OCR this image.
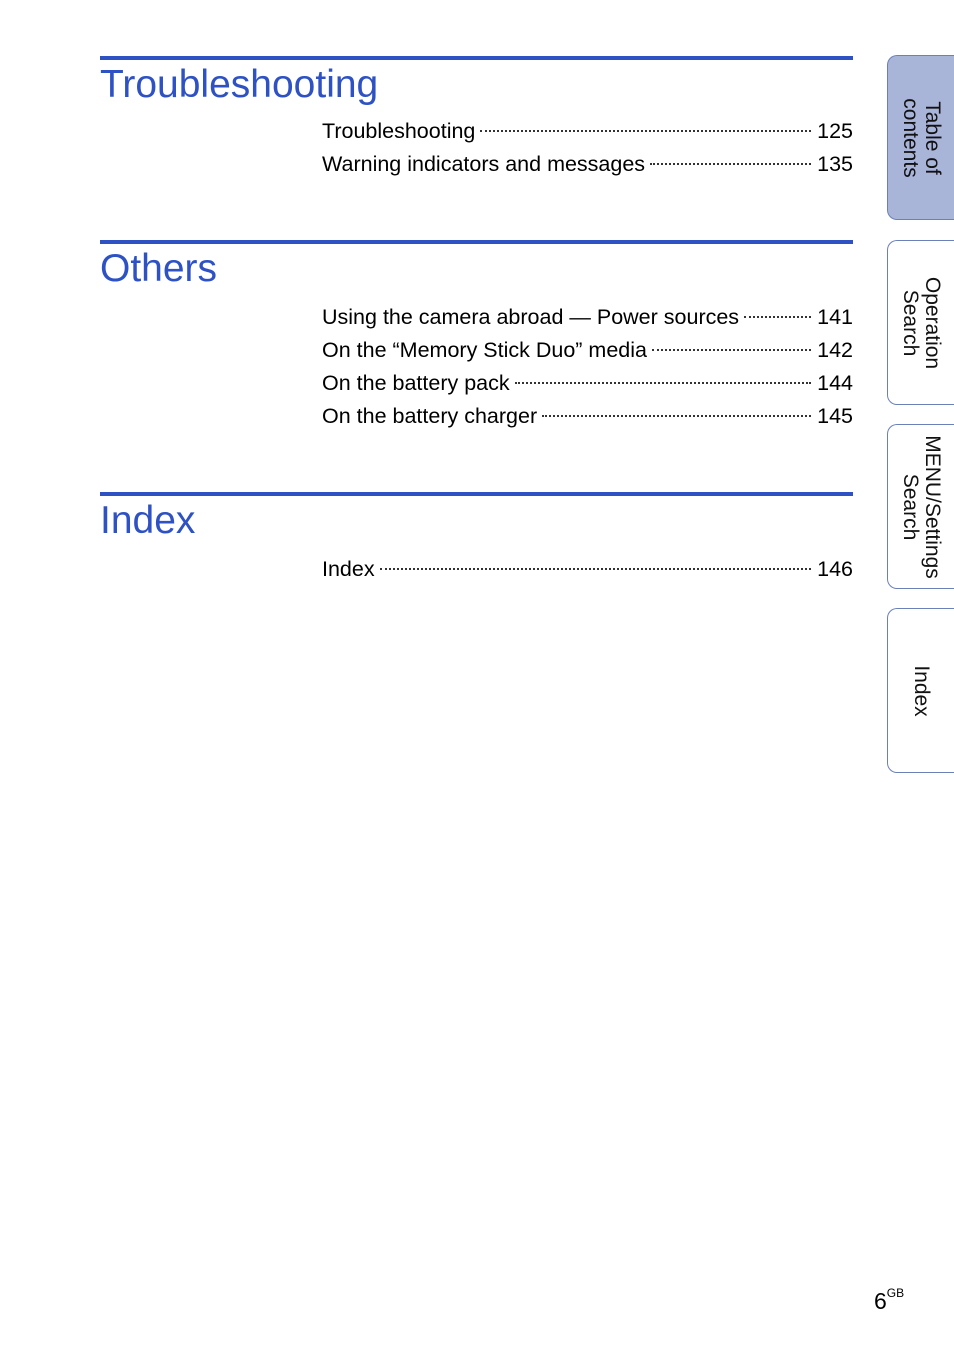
Troubleshooting
Troubleshooting	125
Warning indicators and messages	135
Others
Using the camera abroad — Power sources	141
On the “Memory Stick Duo” media	142
On the battery pack	144
On the battery charger	145
Index
Index	146
Table of
contents
Operation
Search
MENU/Settings
Search
Index
$6^{GB}$
